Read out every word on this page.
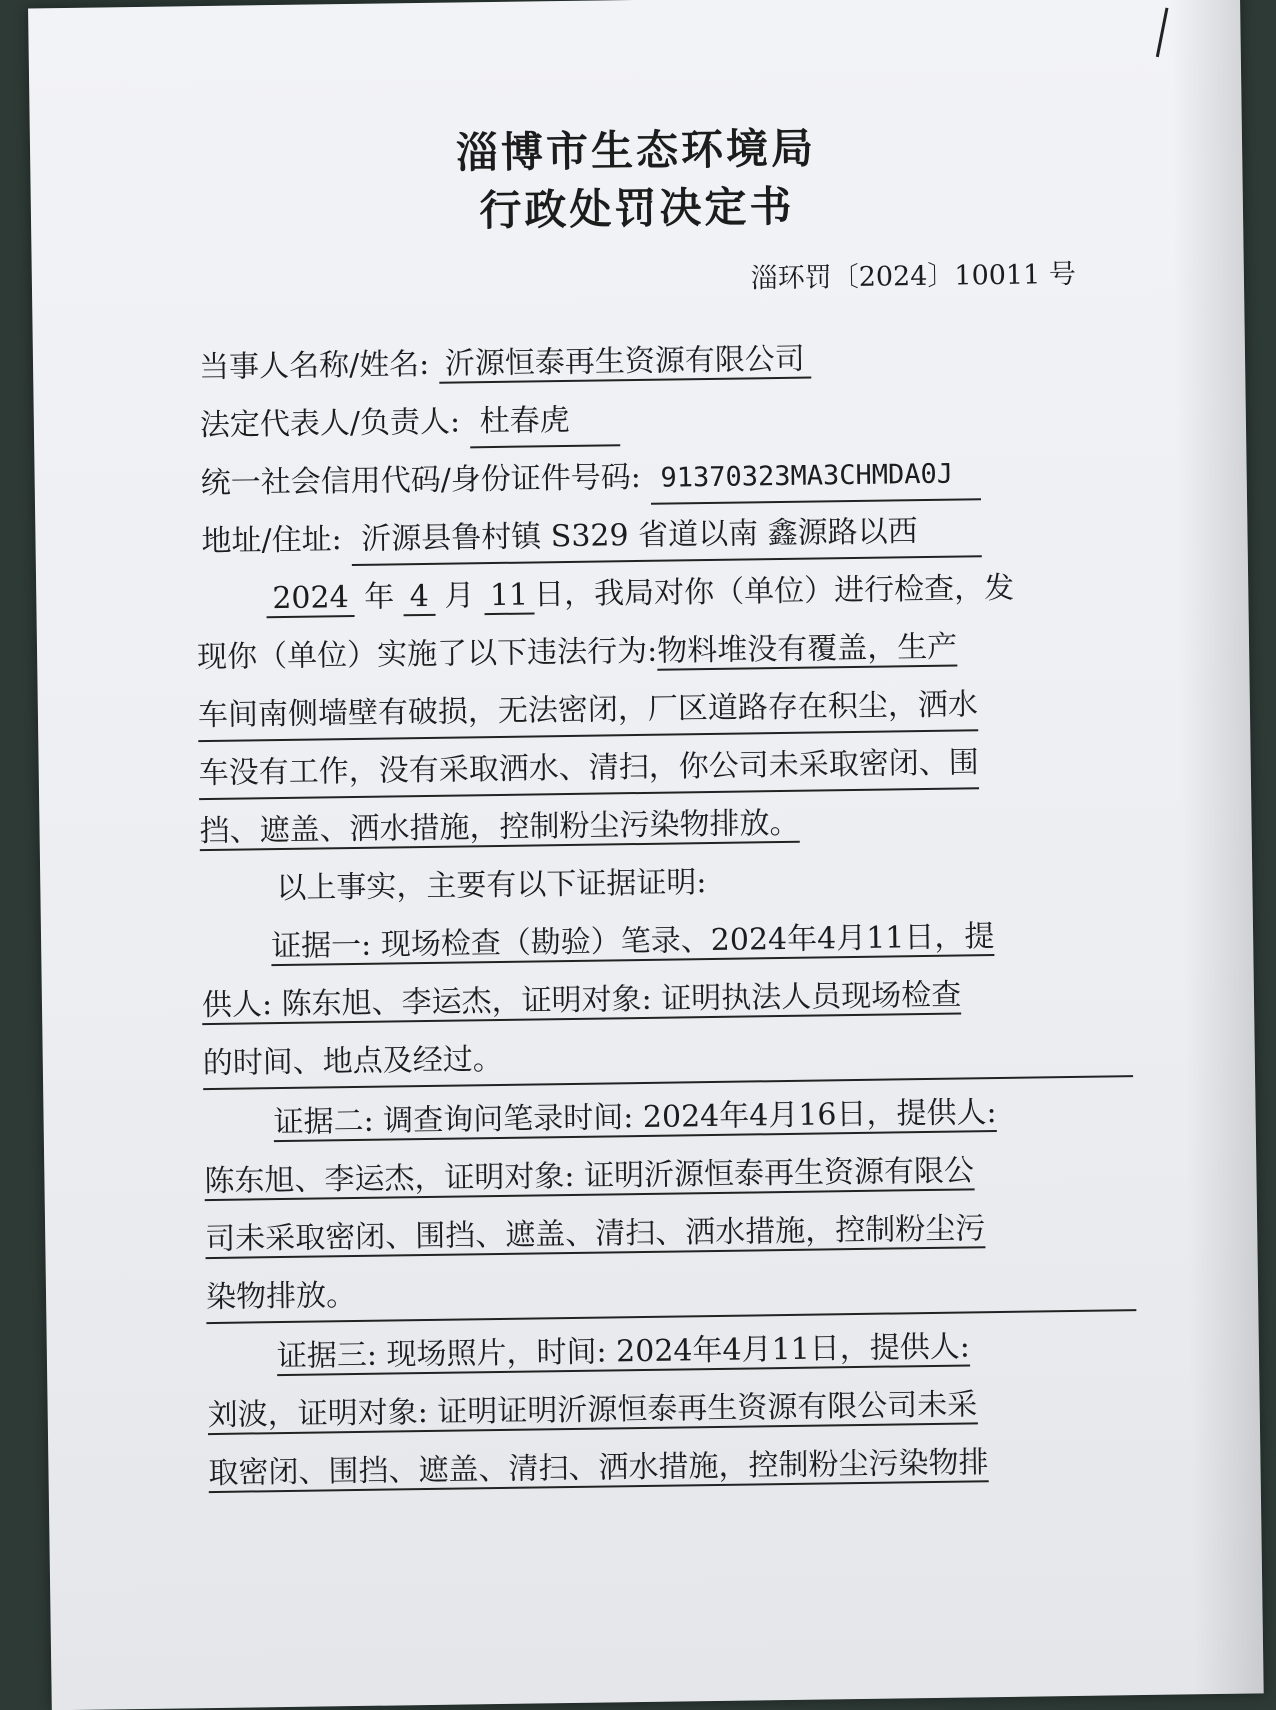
淄博市生态环境局
行政处罚决定书
淄环罚〔2024〕10011 号
当事人名称/姓名: 沂源恒泰再生资源有限公司
法定代表人/负责人: 杜春虎
统一社会信用代码/身份证件号码: 91370323MA3CHMDA0J
地址/住址: 沂源县鲁村镇 S329 省道以南 鑫源路以西
2024 年 4 月 11 日，我局对你（单位）进行检查，发
现你（单位）实施了以下违法行为:物料堆没有覆盖，生产
车间南侧墙壁有破损，无法密闭，厂区道路存在积尘，洒水
车没有工作，没有采取洒水、清扫，你公司未采取密闭、围
挡、遮盖、洒水措施，控制粉尘污染物排放。
以上事实，主要有以下证据证明:
证据一: 现场检查（勘验）笔录、2024年4月11日，提
供人: 陈东旭、李运杰，证明对象: 证明执法人员现场检查
的时间、地点及经过。
证据二: 调查询问笔录时间: 2024年4月16日，提供人:
陈东旭、李运杰，证明对象: 证明沂源恒泰再生资源有限公
司未采取密闭、围挡、遮盖、清扫、洒水措施，控制粉尘污
染物排放。
证据三: 现场照片，时间: 2024年4月11日，提供人:
刘波，证明对象: 证明证明沂源恒泰再生资源有限公司未采
取密闭、围挡、遮盖、清扫、洒水措施，控制粉尘污染物排
